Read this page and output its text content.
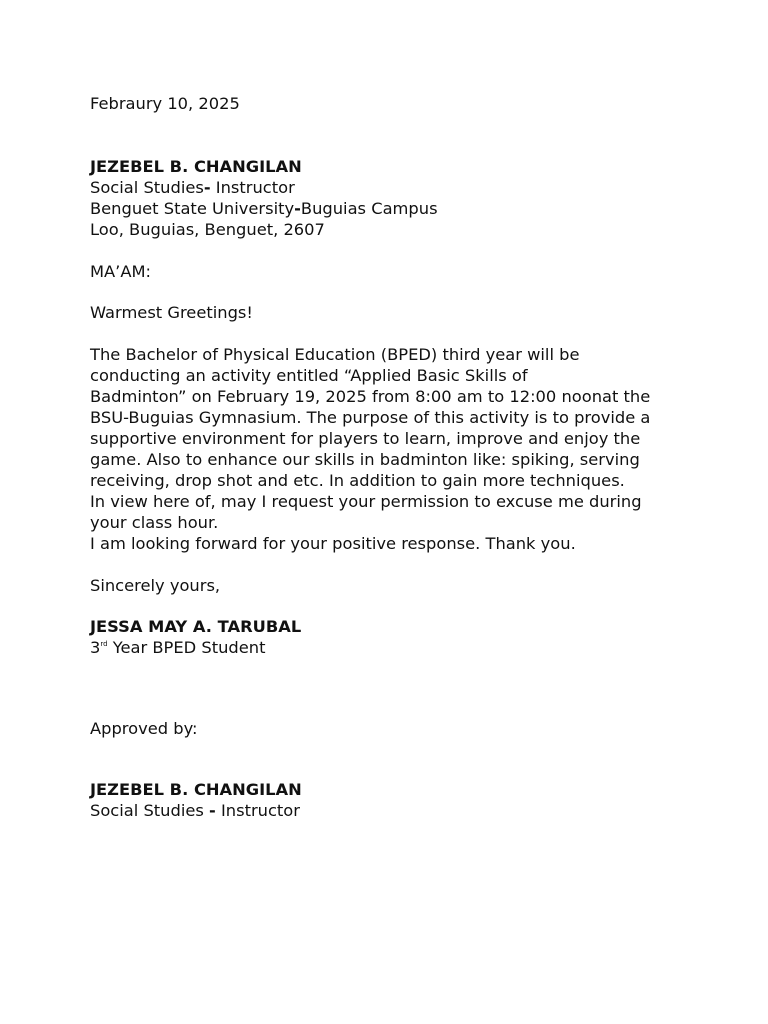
Febraury 10, 2025

JEZEBEL B. CHANGILAN

Social Studies- Instructor

Benguet State University-Buguias Campus

Loo, Buguias, Benguet, 2607

MA’AM:

Warmest Greetings!

The Bachelor of Physical Education (BPED) third year will be
conducting an activity entitled “Applied Basic Skills of
Badminton” on February 19, 2025 from 8:00 am to 12:00 noonat the
BSU-Buguias Gymnasium. The purpose of this activity is to provide a
supportive environment for players to learn, improve and enjoy the
game. Also to enhance our skills in badminton like: spiking, serving
receiving, drop shot and etc. In addition to gain more techniques.
In view here of, may I request your permission to excuse me during
your class hour.
I am looking forward for your positive response. Thank you.

Sincerely yours,

JESSA MAY A. TARUBAL

3rd Year BPED Student

Approved by:

JEZEBEL B. CHANGILAN

Social Studies - Instructor
